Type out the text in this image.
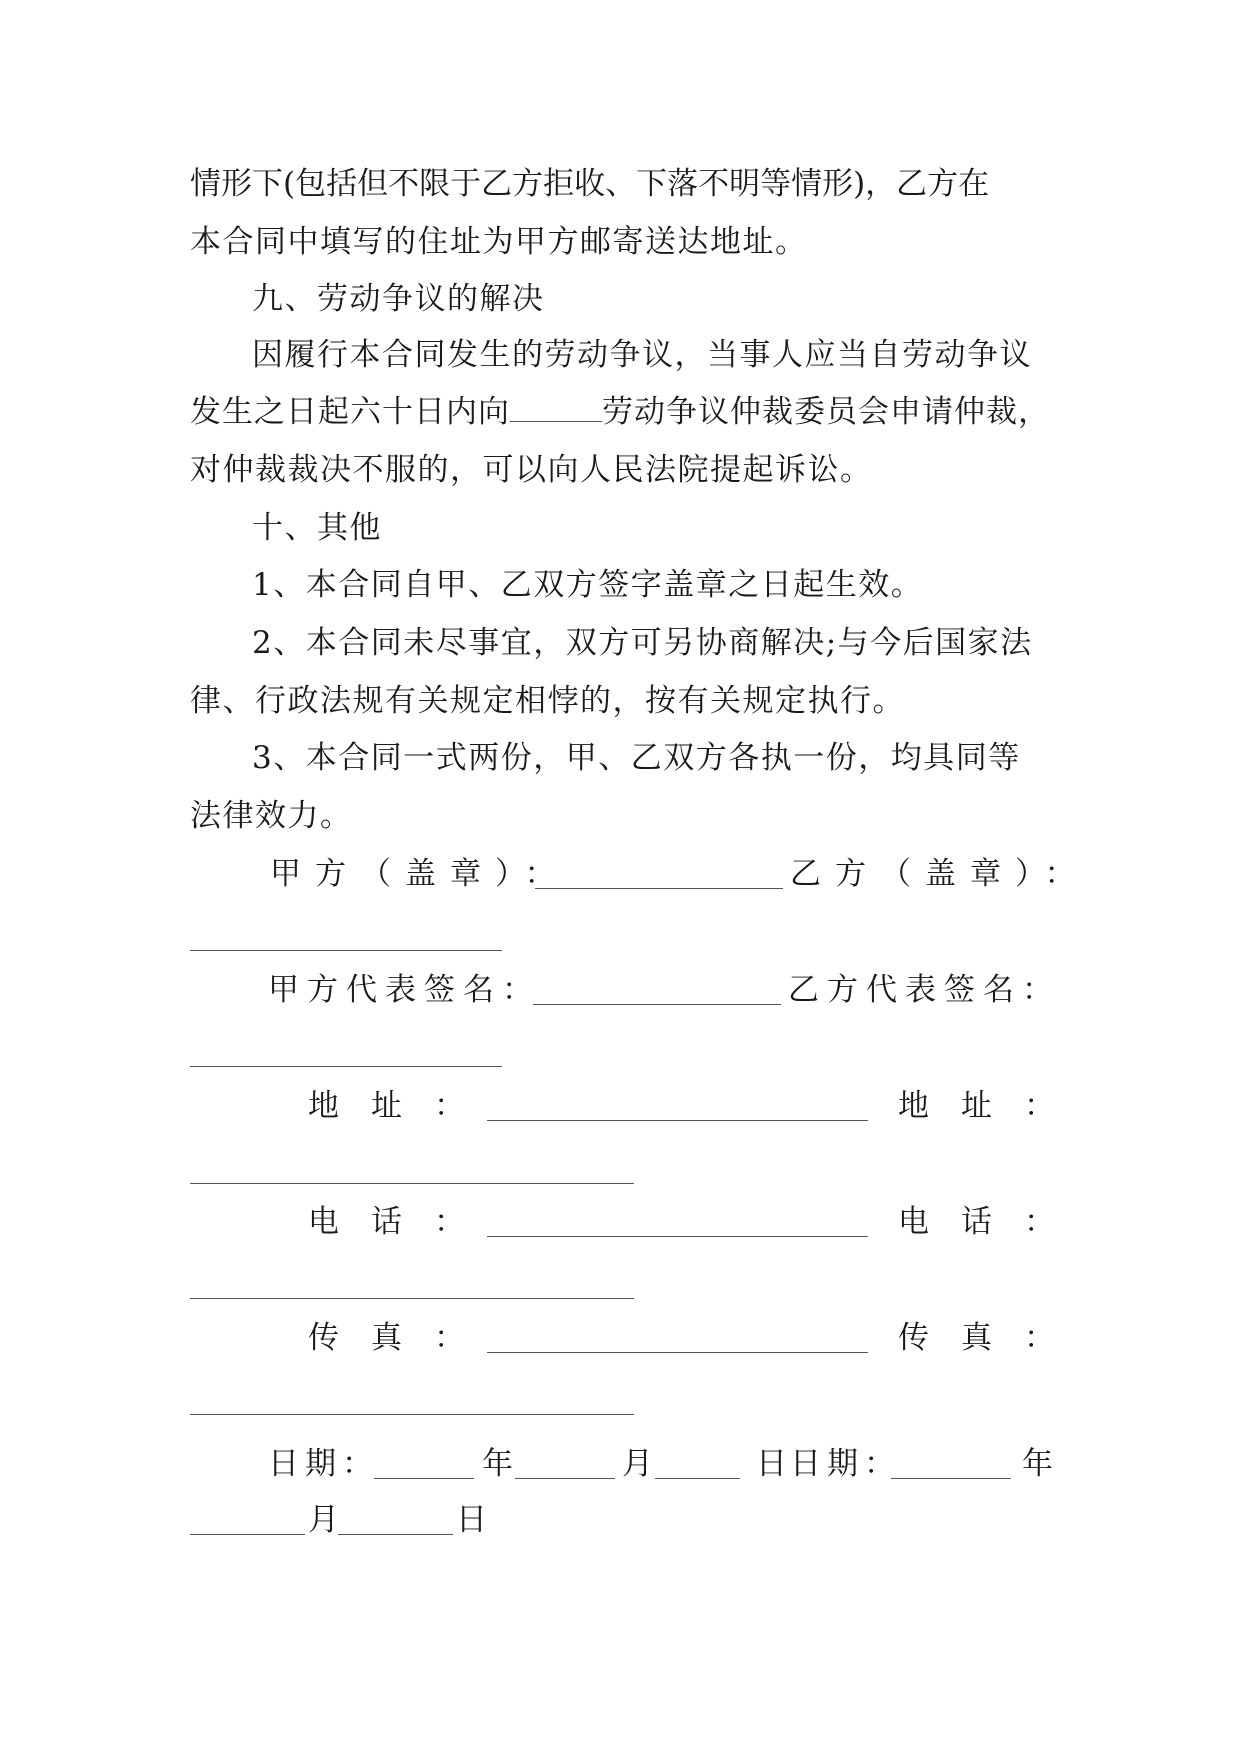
情形下(包括但不限于乙方拒收、下落不明等情形)，乙方在
本合同中填写的住址为甲方邮寄送达地址。
九、劳动争议的解决
因履行本合同发生的劳动争议，当事人应当自劳动争议
发生之日起六十日内向	劳动争议仲裁委员会申请仲裁，
对仲裁裁决不服的，可以向人民法院提起诉讼。
十、其他
1、本合同自甲、乙双方签字盖章之日起生效。
2、本合同未尽事宜，双方可另协商解决;与今后国家法
律、行政法规有关规定相悖的，按有关规定执行。
3、本合同一式两份，甲、乙双方各执一份，均具同等
法律效力。
甲方（盖章）：	乙方（盖章）：
甲方代表签名：	乙方代表签名：
地址：	地址：
电话：	电话：
传真：	传真：
日期：	年	月	日 日期：	年
月	日
